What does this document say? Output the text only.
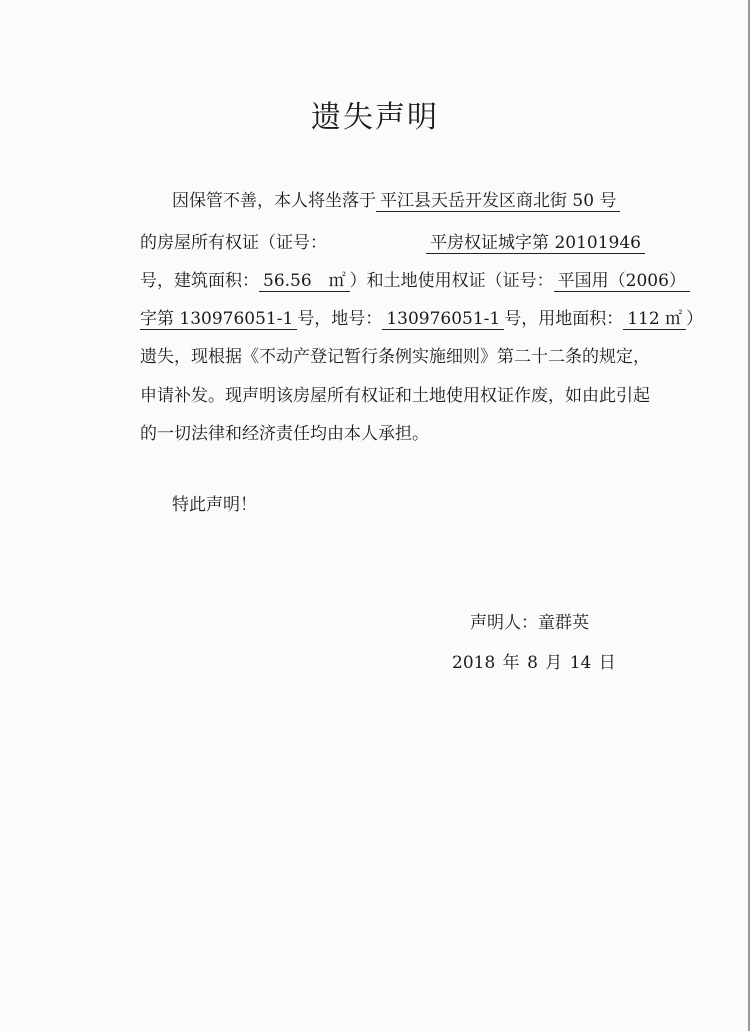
遗失声明
因保管不善，本人将坐落于 平江县天岳开发区商北街 50 号
的房屋所有权证（证号：	平房权证城字第 20101946
号，建筑面积： 56.56　㎡ ）和土地使用权证（证号： 平国用（2006）
字第 130976051-1 号，地号： 130976051-1 号，用地面积： 112 ㎡ ）
遗失，现根据《不动产登记暂行条例实施细则》第二十二条的规定，
申请补发。现声明该房屋所有权证和土地使用权证作废，如由此引起
的一切法律和经济责任均由本人承担。
特此声明！
声明人：童群英
2018 年 8 月 14 日
